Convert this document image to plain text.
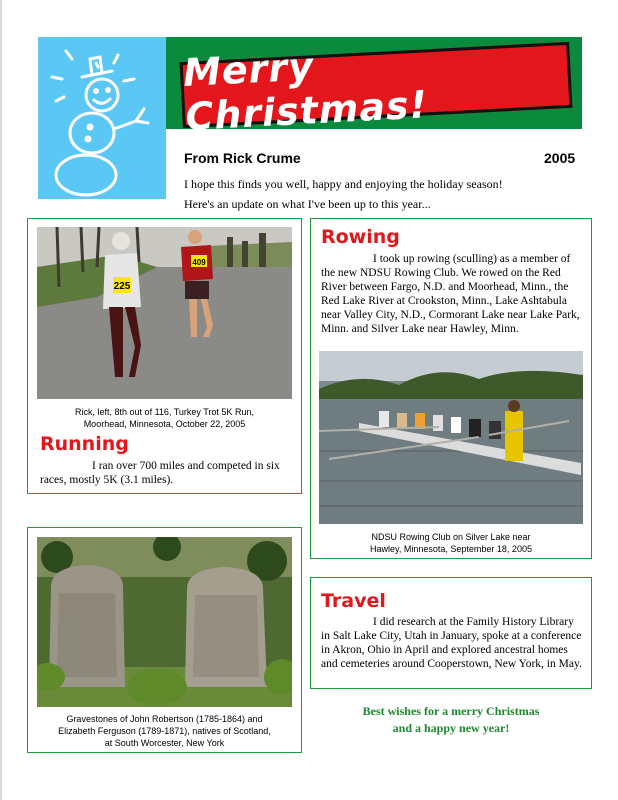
Merry Christmas!
From Rick Crume	2005
I hope this finds you well, happy and enjoying the holiday season!
Here's an update on what I've been up to this year...
225
409
Rick, left, 8th out of 116, Turkey Trot 5K Run,
Moorhead, Minnesota, October 22, 2005
Running
I ran over 700 miles and competed in six races, mostly 5K (3.1 miles).
Rowing
I took up rowing (sculling) as a member of the new NDSU Rowing Club. We rowed on the Red River between Fargo, N.D. and Moorhead, Minn., the Red Lake River at Crookston, Minn., Lake Ashtabula near Valley City, N.D., Cormorant Lake near Lake Park, Minn. and Silver Lake near Hawley, Minn.
NDSU Rowing Club on Silver Lake near
Hawley, Minnesota, September 18, 2005
Gravestones of John Robertson (1785-1864) and
Elizabeth Ferguson (1789-1871), natives of Scotland,
at South Worcester, New York
Travel
I did research at the Family History Library in Salt Lake City, Utah in January, spoke at a conference in Akron, Ohio in April and explored ancestral homes and cemeteries around Cooperstown, New York, in May.
Best wishes for a merry Christmas
and a happy new year!
